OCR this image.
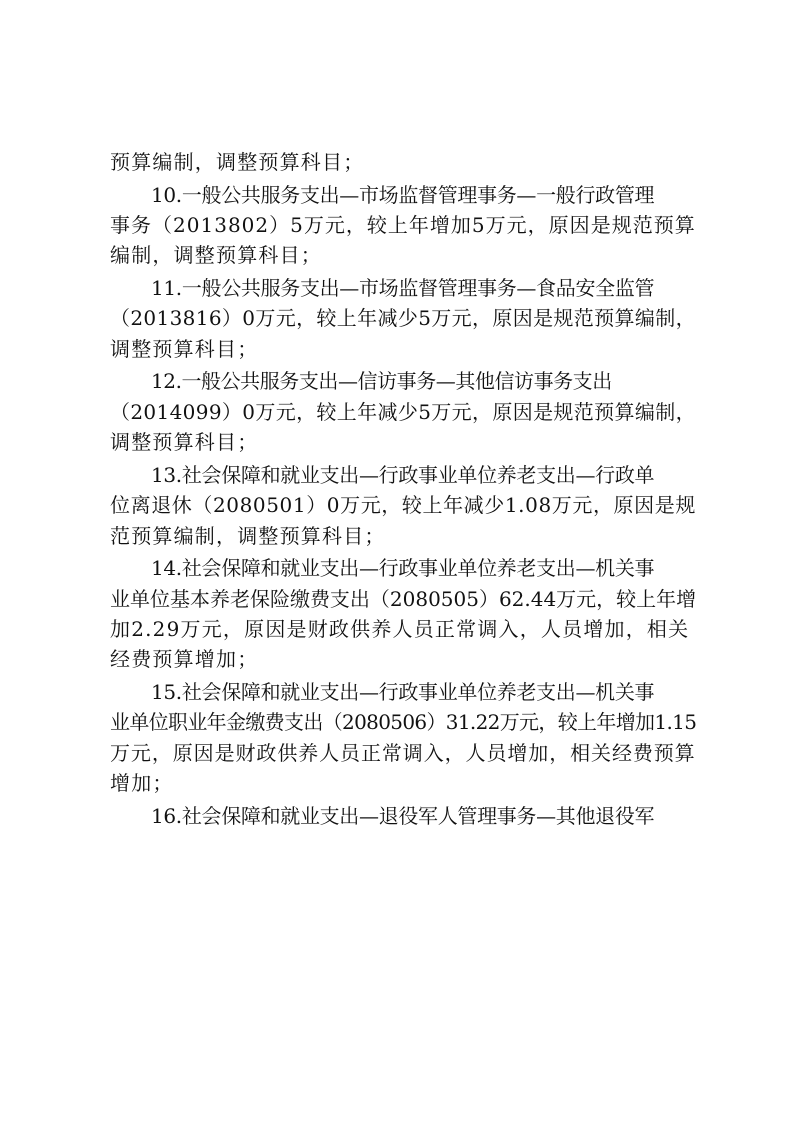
预算编制，调整预算科目；
10.一般公共服务支出—市场监督管理事务—一般行政管理
事务（2013802）5万元，较上年增加5万元，原因是规范预算
编制，调整预算科目；
11.一般公共服务支出—市场监督管理事务—食品安全监管
（2013816）0万元，较上年减少5万元，原因是规范预算编制，
调整预算科目；
12.一般公共服务支出—信访事务—其他信访事务支出
（2014099）0万元，较上年减少5万元，原因是规范预算编制，
调整预算科目；
13.社会保障和就业支出—行政事业单位养老支出—行政单
位离退休（2080501）0万元，较上年减少1.08万元，原因是规
范预算编制，调整预算科目；
14.社会保障和就业支出—行政事业单位养老支出—机关事
业单位基本养老保险缴费支出（2080505）62.44万元，较上年增
加2.29万元，原因是财政供养人员正常调入，人员增加，相关
经费预算增加；
15.社会保障和就业支出—行政事业单位养老支出—机关事
业单位职业年金缴费支出（2080506）31.22万元，较上年增加1.15
万元，原因是财政供养人员正常调入，人员增加，相关经费预算
增加；
16.社会保障和就业支出—退役军人管理事务—其他退役军
